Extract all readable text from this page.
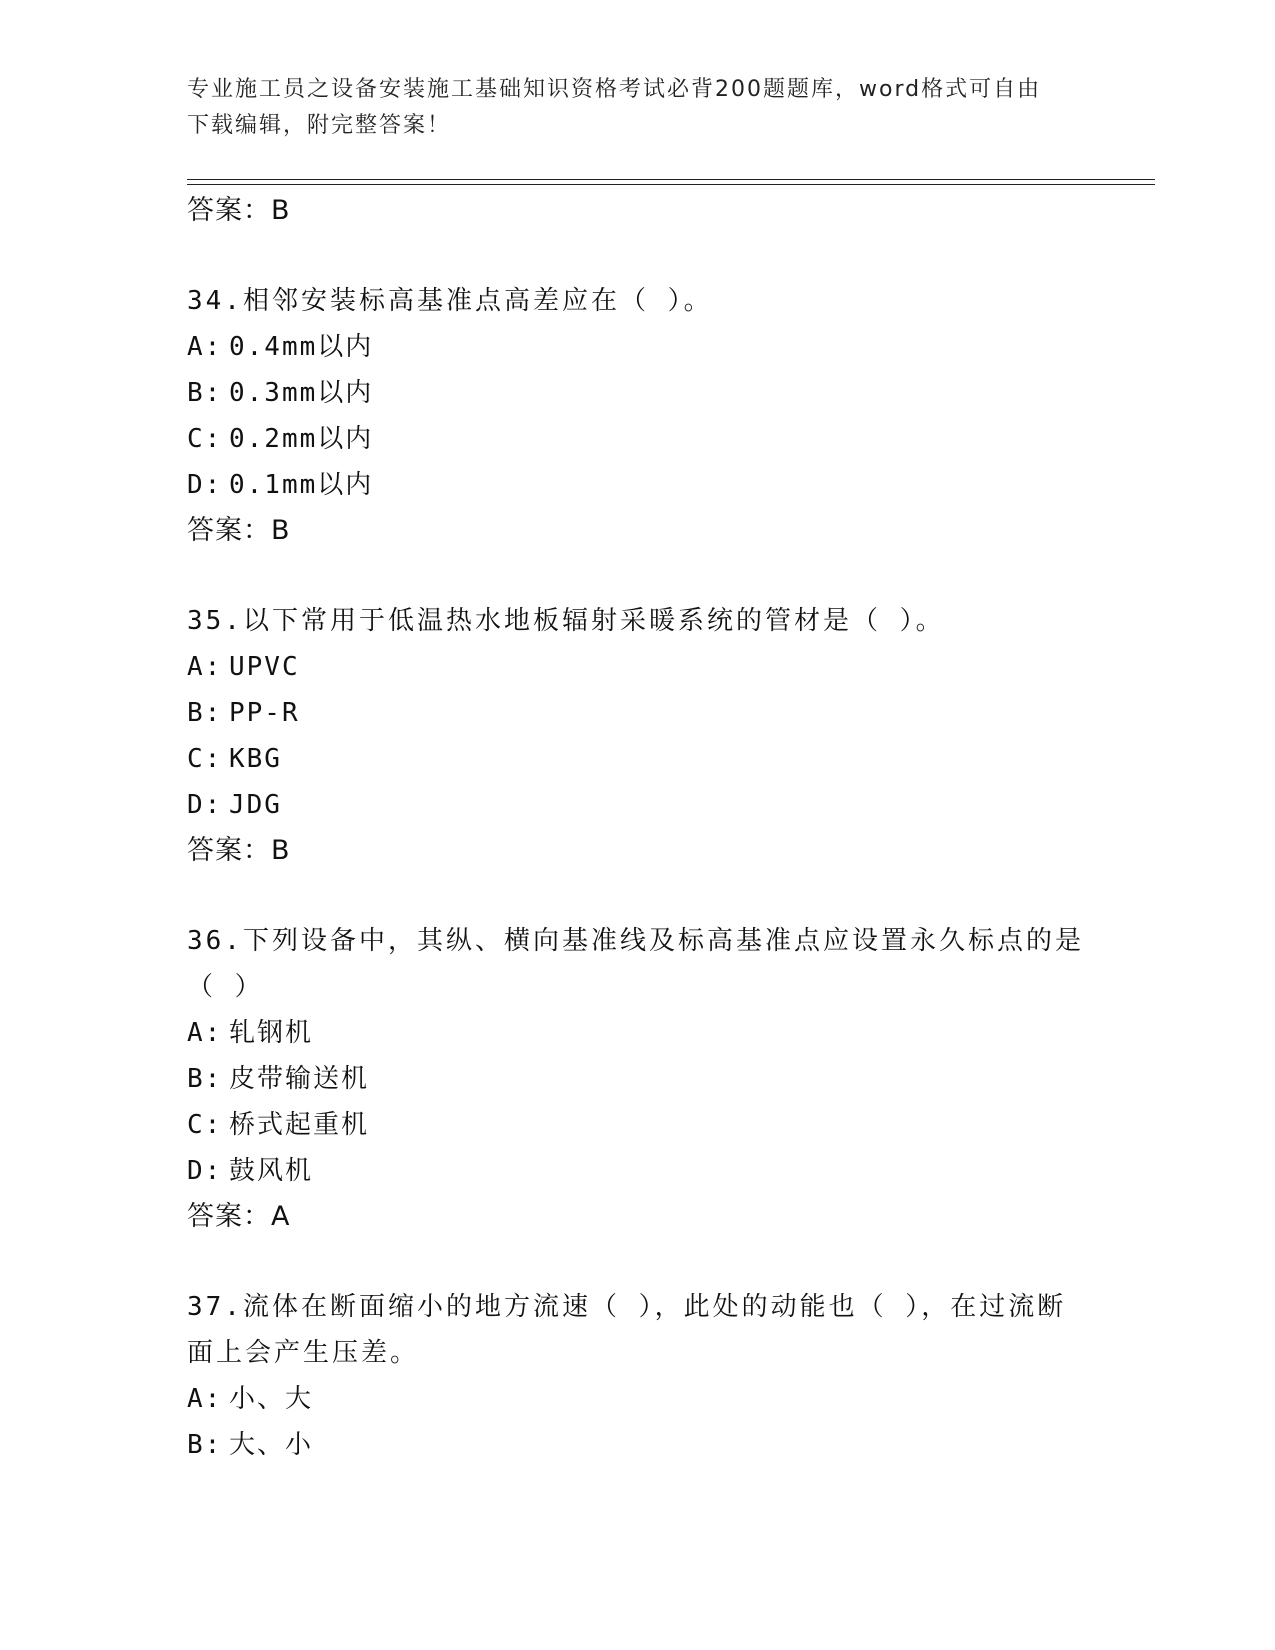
专业施工员之设备安装施工基础知识资格考试必背200题题库，word格式可自由
下载编辑，附完整答案！
答案：B
34.相邻安装标高基准点高差应在（ ）。
A: 0.4mm以内
B: 0.3mm以内
C: 0.2mm以内
D: 0.1mm以内
答案：B
35.以下常用于低温热水地板辐射采暖系统的管材是（ ）。
A: UPVC
B: PP-R
C: KBG
D: JDG
答案：B
36.下列设备中，其纵、横向基准线及标高基准点应设置永久标点的是（ ）
A: 轧钢机
B: 皮带输送机
C: 桥式起重机
D: 鼓风机
答案：A
37.流体在断面缩小的地方流速（ ），此处的动能也（ ），在过流断面上会产生压差。
A: 小、大
B: 大、小
